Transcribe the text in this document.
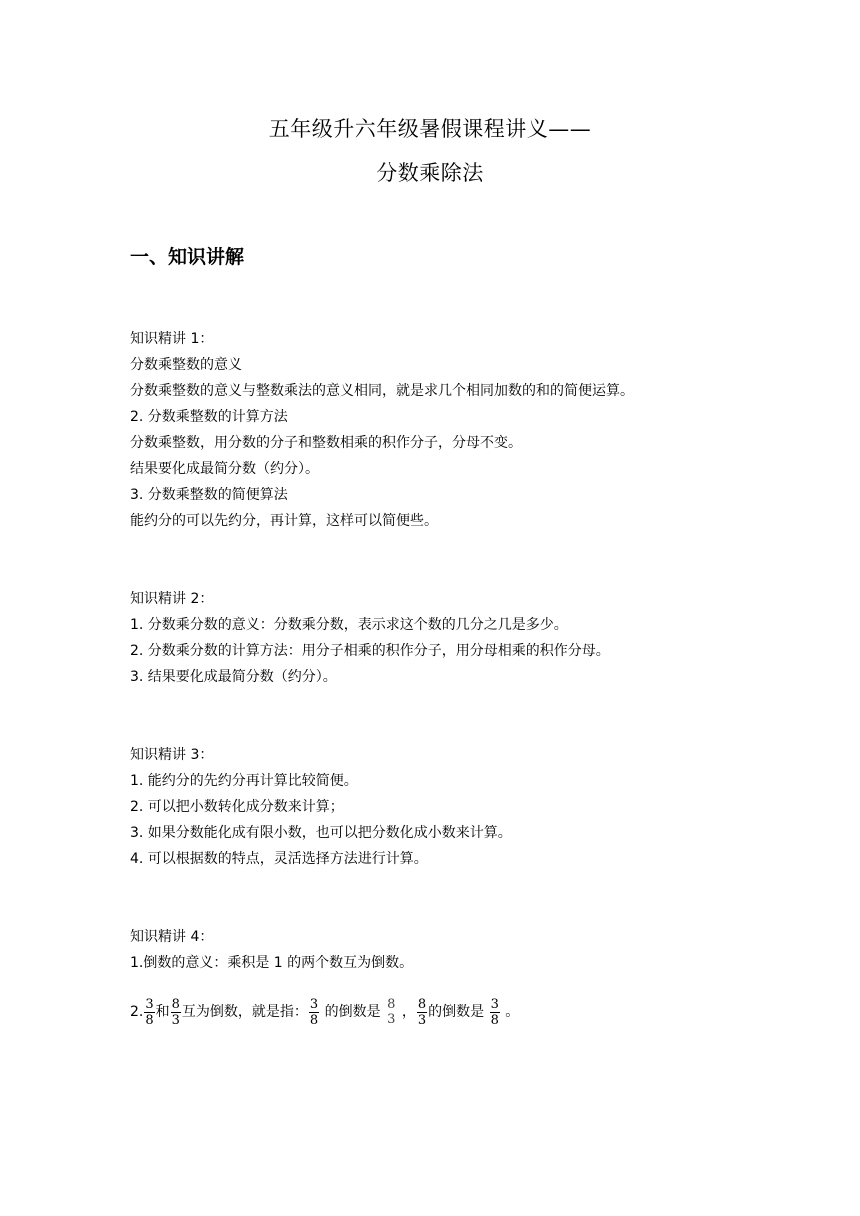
五年级升六年级暑假课程讲义——
分数乘除法
一、知识讲解
知识精讲 1：
分数乘整数的意义
分数乘整数的意义与整数乘法的意义相同，就是求几个相同加数的和的简便运算。
2. 分数乘整数的计算方法
分数乘整数，用分数的分子和整数相乘的积作分子，分母不变。
结果要化成最简分数（约分）。
3. 分数乘整数的简便算法
能约分的可以先约分，再计算，这样可以简便些。
知识精讲 2：
1. 分数乘分数的意义：分数乘分数，表示求这个数的几分之几是多少。
2. 分数乘分数的计算方法：用分子相乘的积作分子，用分母相乘的积作分母。
3. 结果要化成最简分数（约分）。
知识精讲 3：
1. 能约分的先约分再计算比较简便。
2. 可以把小数转化成分数来计算；
3. 如果分数能化成有限小数，也可以把分数化成小数来计算。
4. 可以根据数的特点，灵活选择方法进行计算。
知识精讲 4：
1.倒数的意义：乘积是 1 的两个数互为倒数。
2. $\frac{3}{8}$ 和 $\frac{8}{3}$ 互为倒数，就是指： $\frac{3}{8}$ 的倒数是 8
3 ， $\frac{8}{3}$ 的倒数是 $\frac{3}{8}$ 。
